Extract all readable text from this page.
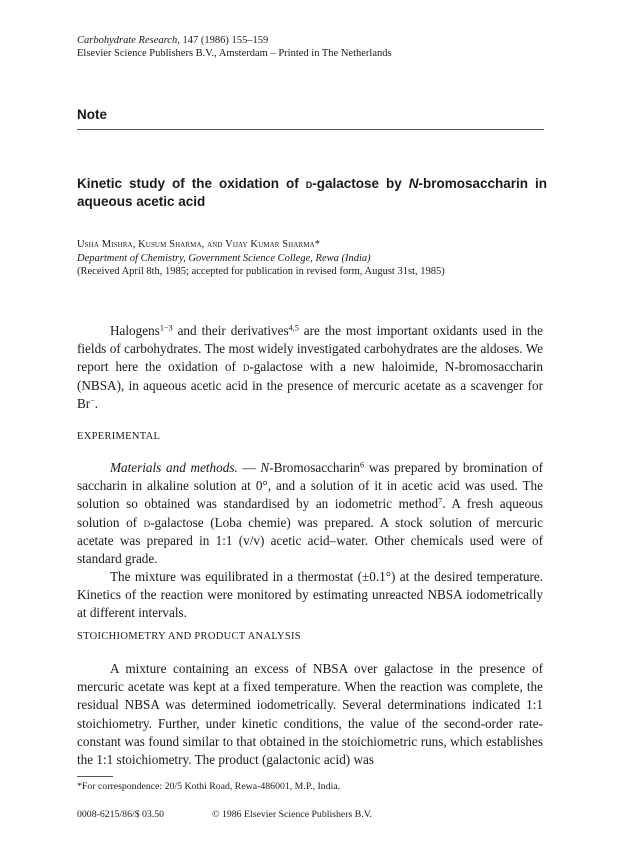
Carbohydrate Research, 147 (1986) 155–159
Elsevier Science Publishers B.V., Amsterdam – Printed in The Netherlands
Note
Kinetic study of the oxidation of d-galactose by N-bromosaccharin in aqueous acetic acid
Usha Mishra, Kusum Sharma, and Vijay Kumar Sharma*
Department of Chemistry, Government Science College, Rewa (India)
(Received April 8th, 1985; accepted for publication in revised form, August 31st, 1985)
Halogens$^{1-3}$ and their derivatives$^{4,5}$ are the most important oxidants used in the fields of carbohydrates. The most widely investigated carbohydrates are the aldoses. We report here the oxidation of d-galactose with a new haloimide, N-bromosaccharin (NBSA), in aqueous acetic acid in the presence of mercuric acetate as a scavenger for Br−.
EXPERIMENTAL
Materials and methods. — N-Bromosaccharin$^6$ was prepared by bromination of saccharin in alkaline solution at 0°, and a solution of it in acetic acid was used. The solution so obtained was standardised by an iodometric method$^7$. A fresh aqueous solution of d-galactose (Loba chemie) was prepared. A stock solution of mercuric acetate was prepared in 1:1 (v/v) acetic acid–water. Other chemicals used were of standard grade.
The mixture was equilibrated in a thermostat (±0.1°) at the desired temperature. Kinetics of the reaction were monitored by estimating unreacted NBSA iodometrically at different intervals.
STOICHIOMETRY AND PRODUCT ANALYSIS
A mixture containing an excess of NBSA over galactose in the presence of mercuric acetate was kept at a fixed temperature. When the reaction was complete, the residual NBSA was determined iodometrically. Several determinations indicated 1:1 stoichiometry. Further, under kinetic conditions, the value of the second-order rate-constant was found similar to that obtained in the stoichiometric runs, which establishes the 1:1 stoichiometry. The product (galactonic acid) was
*For correspondence: 20/5 Kothi Road, Rewa-486001, M.P., India.
0008-6215/86/$ 03.50	© 1986 Elsevier Science Publishers B.V.
